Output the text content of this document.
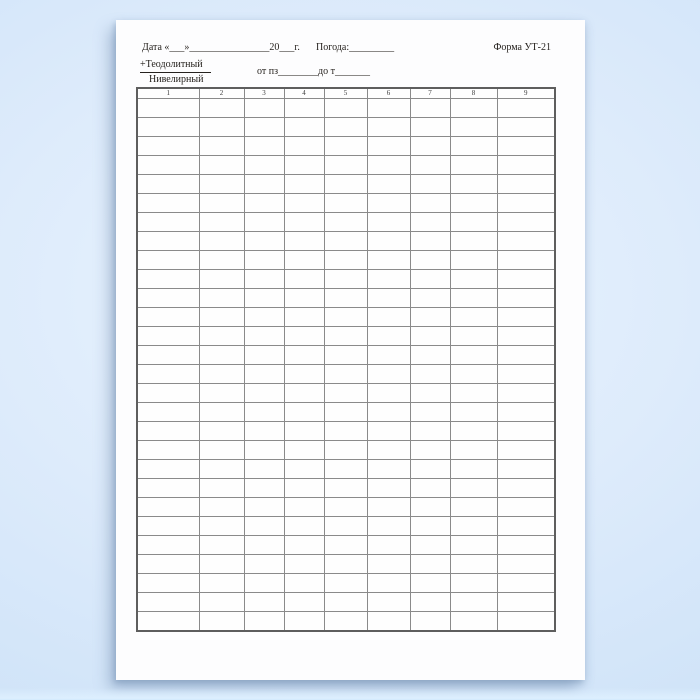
Дата «___»________________20___г. Погода:_________	Форма УТ-21
+Теодолитный
Нивелирный
от пз________до т_______
1	2	3	4	5	6	7	8	9
